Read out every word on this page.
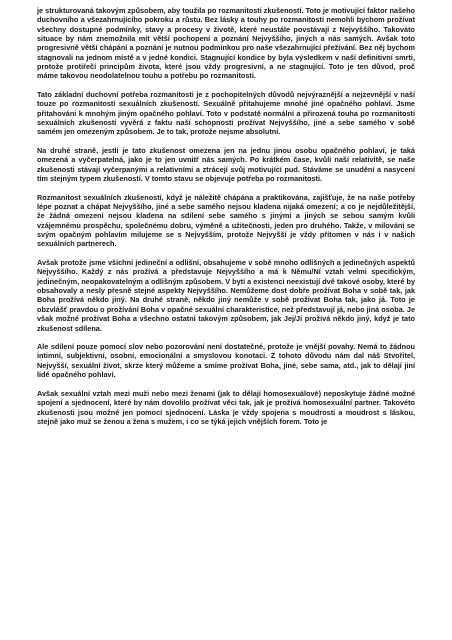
je strukturovaná takovým způsobem, aby toužila po rozmanitosti zkušeností. Toto je motivující faktor našeho duchovního a všezahrnujícího pokroku a růstu. Bez lásky a touhy po rozmanitosti nemohli bychom prožívat všechny dostupné podmínky, stavy a procesy v životě, které neustále povstávají z Nejvyššího. Takováto situace by nám znemožnila mít větší pochopení a poznání Nejvyššího, jiných a nás samých. Avšak toto progresivně větší chápání a poznání je nutnou podmínkou pro naše všezahrnující přežívání. Bez něj bychom stagnovali na jednom místě a v jedné kondici. Stagnující kondice by byla výsledkem v naší definitivní smrti, protože protiřečí principům života, které jsou vždy progresivní, a ne stagnující. Toto je ten důvod, proč máme takovou neodolatelnou touhu a potřebu po rozmanitosti.

Tato základní duchovní potřeba rozmanitosti je z pochopitelných důvodů nejvýraznější a nejzevnější v naší touze po rozmanitosti sexuálních zkušeností. Sexuálně přitahujeme mnohé jiné opačného pohlaví. Jsme přitahováni k mnohým jiným opačného pohlaví. Toto v podstatě normální a přirozená touha po rozmanitosti sexuálních zkušeností vyvěrá z faktu naší schopnosti prožívat Nejvyššího, jiné a sebe samého v sobě samém jen omezeným způsobem. Je to tak, protože nejsme absolutní.

Na druhé straně, jestli je tato zkušenost omezena jen na jednu jinou osobu opačného pohlaví, je taká omezená a vyčerpatelná, jako je to jen uvnitř nás samých. Po krátkém čase, kvůli naší relativitě, se naše zkušenosti stávají vyčerpanými a relativními a ztrácejí svůj motivující pud. Stáváme se unudění a nasycení tím stejným typem zkušeností. V tomto stavu se objevuje potřeba po rozmanitosti.

Rozmanitost sexuálních zkušeností, když je náležitě chápána a praktikována, zajišťuje, že na naše potřeby lépe poznat a chápat Nejvyššího, jiné a sebe samého nejsou kladena nijaká omezení; a co je nejdůležitější, že žádná omezení nejsou kladena na sdílení sebe samého s jinými a jiných se sebou samým kvůli vzájemnému prospěchu, společnému dobru, výměně a užitečnosti, jeden pro druhého. Takže, v milování se svým opačným pohlavím milujeme se s Nejvyšším, protože Nejvyšší je vždy přítomen v nás i v našich sexuálních partnerech.

Avšak protože jsme všichni jedineční a odlišní, obsahujeme v sobě mnoho odlišných a jedinečných aspektů Nejvyššího. Každý z nás prožívá a představuje Nejvyššího a má k Němu/Ní vztah velmi specifickým, jedinečným, neopakovatelným a odlišným způsobem. V bytí a existenci neexistují dvě takové osoby, které by obsahovaly a nesly přesně stejné aspekty Nejvyššího. Nemůžeme dost dobře prožívat Boha v sobě tak, jak Boha prožívá někdo jiný. Na druhé straně, někdo jiný nemůže v sobě prožívat Boha tak, jako já. Toto je obzvlášť pravdou o prožívání Boha v opačné sexuální charakteristice, než představují já, nebo jiná osoba. Je však možné prožívat Boha a všechno ostatní takovým způsobem, jak Jej/Ji prožívá někdo jiný, když je tato zkušenost sdílena.

Ale sdílení pouze pomocí slov nebo pozorování není dostatečné, protože je vnější povahy. Nemá to žádnou intimní, subjektivní, osobní, emocionální a smyslovou konotaci. Z tohoto důvodu nám dal náš Stvořitel, Nejvyšší, sexuální život, skrze který můžeme a smíme prožívat Boha, jiné, sebe sama, atd., jak to dělají jiní lidé opačného pohlaví.

Avšak sexuální vztah mezi muži nebo mezi ženami (jak to dělají homosexuálové) neposkytuje žádné možné spojení a sjednocení, které by nám dovolilo prožívat věci tak, jak je prožívá homosexuální partner. Takovéto zkušenosti jsou možné jen pomocí sjednocení. Láska je vždy spojena s moudrostí a moudrost s láskou, stejně jako muž se ženou a žena s mužem, i co se týká jejich vnějších forem. Toto je
